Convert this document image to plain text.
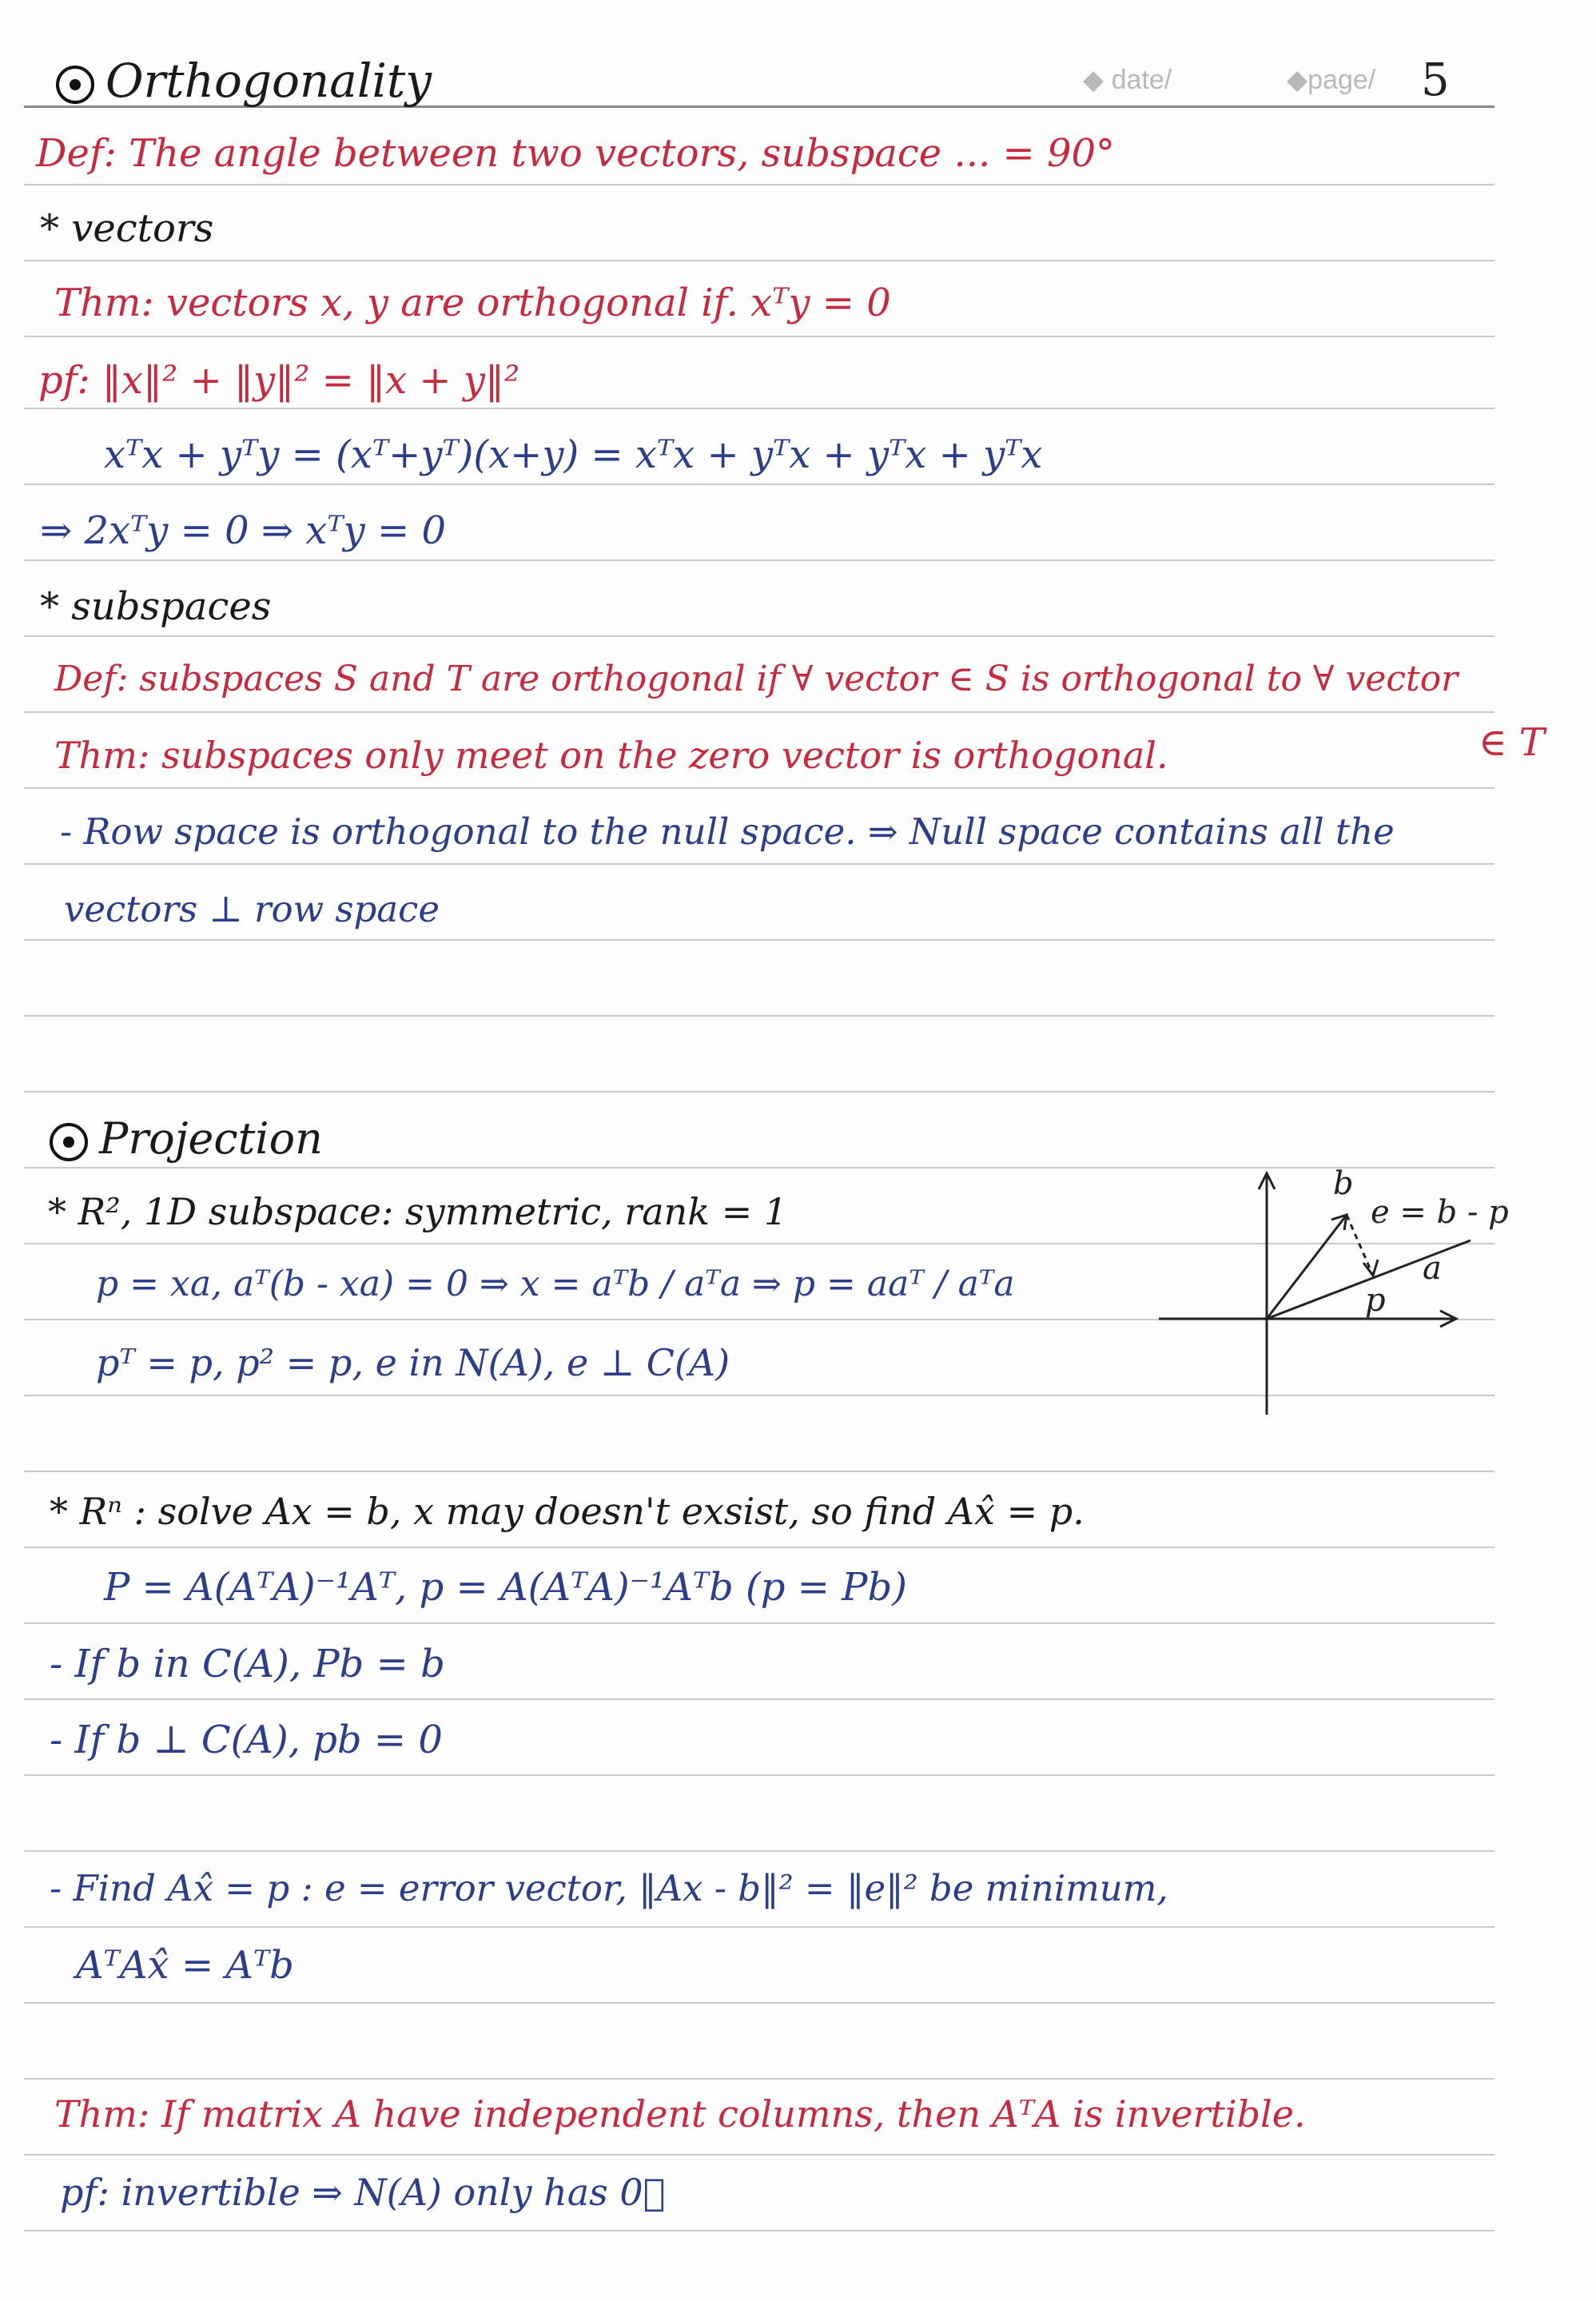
◆ date/	◆page/ 5
Orthogonality
Def: The angle between two vectors, subspace ... = 90°
* vectors
Thm: vectors x, y are orthogonal if. xᵀy = 0
pf: ‖x‖² + ‖y‖² = ‖x + y‖²
xᵀx + yᵀy = (xᵀ+yᵀ)(x+y) = xᵀx + yᵀx + yᵀx + yᵀx
⇒ 2xᵀy = 0 ⇒ xᵀy = 0
* subspaces
Def: subspaces S and T are orthogonal if ∀ vector ∈ S is orthogonal to ∀ vector
∈ T
Thm: subspaces only meet on the zero vector is orthogonal.
- Row space is orthogonal to the null space. ⇒ Null space contains all the
vectors ⊥ row space
Projection
* R², 1D subspace: symmetric, rank = 1
p = xa, aᵀ(b - xa) = 0 ⇒ x = aᵀb / aᵀa ⇒ p = aaᵀ / aᵀa
pᵀ = p, p² = p, e in N(A), e ⊥ C(A)
* Rⁿ : solve Ax = b, x may doesn't exsist, so find Ax̂ = p.
P = A(AᵀA)⁻¹Aᵀ, p = A(AᵀA)⁻¹Aᵀb (p = Pb)
- If b in C(A), Pb = b
- If b ⊥ C(A), pb = 0
- Find Ax̂ = p : e = error vector, ‖Ax - b‖² = ‖e‖² be minimum,
AᵀAx̂ = Aᵀb
Thm: If matrix A have independent columns, then AᵀA is invertible.
pf: invertible ⇒ N(A) only has 0⃗
b
e = b - p
a
p
